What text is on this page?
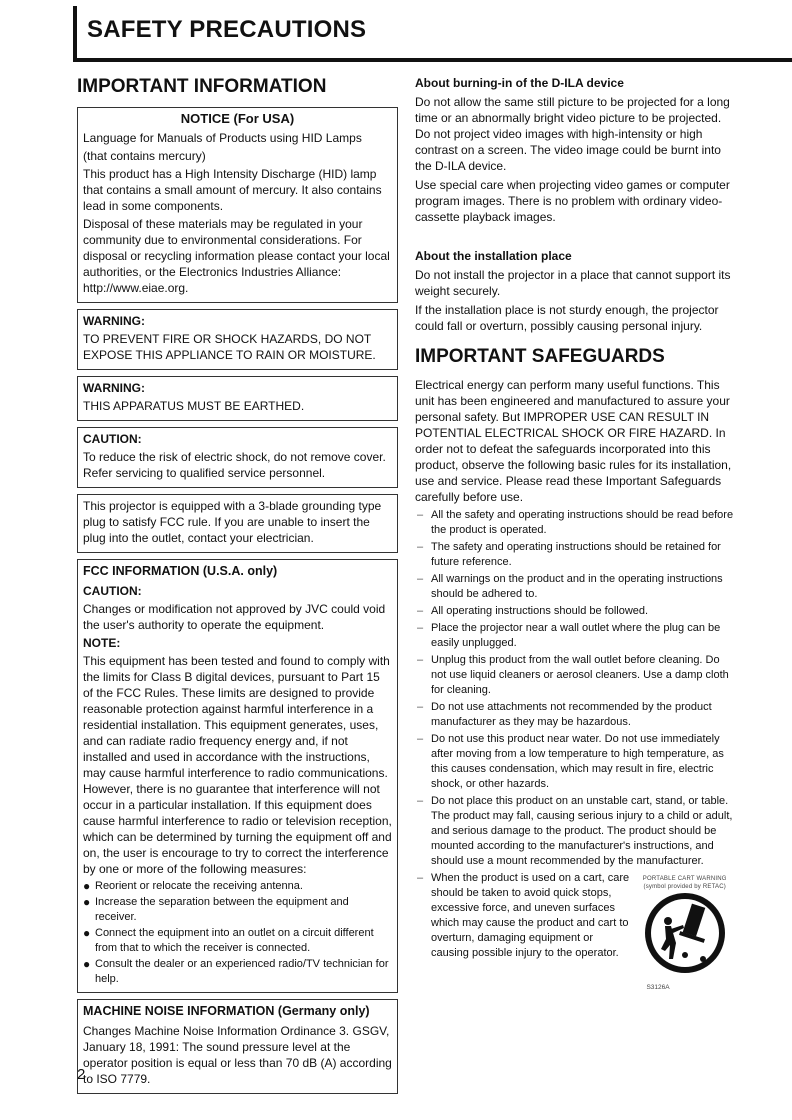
SAFETY PRECAUTIONS
IMPORTANT INFORMATION
NOTICE (For USA)

Language for Manuals of Products using HID Lamps

(that contains mercury)

This product has a High Intensity Discharge (HID) lamp that contains a small amount of mercury. It also contains lead in some components.

Disposal of these materials may be regulated in your community due to environmental considerations. For disposal or recycling information please contact your local authorities, or the Electronics Industries Alliance: http://www.eiae.org.

WARNING:

TO PREVENT FIRE OR SHOCK HAZARDS, DO NOT EXPOSE THIS APPLIANCE TO RAIN OR MOISTURE.

WARNING:

THIS APPARATUS MUST BE EARTHED.

CAUTION:

To reduce the risk of electric shock, do not remove cover. Refer servicing to qualified service personnel.

This projector is equipped with a 3-blade grounding type plug to satisfy FCC rule. If you are unable to insert the plug into the outlet, contact your electrician.

FCC INFORMATION (U.S.A. only)
CAUTION:

Changes or modification not approved by JVC could void the user's authority to operate the equipment.

NOTE:

This equipment has been tested and found to comply with the limits for Class B digital devices, pursuant to Part 15 of the FCC Rules. These limits are designed to provide reasonable protection against harmful interference in a residential installation. This equipment generates, uses, and can radiate radio frequency energy and, if not installed and used in accordance with the instructions, may cause harmful interference to radio communications. However, there is no guarantee that interference will not occur in a particular installation. If this equipment does cause harmful interference to radio or television reception, which can be determined by turning the equipment off and on, the user is encourage to try to correct the interference by one or more of the following measures:

● Reorient or relocate the receiving antenna.
● Increase the separation between the equipment and receiver.
● Connect the equipment into an outlet on a circuit different from that to which the receiver is connected.
● Consult the dealer or an experienced radio/TV technician for help.
MACHINE NOISE INFORMATION (Germany only)

Changes Machine Noise Information Ordinance 3. GSGV, January 18, 1991: The sound pressure level at the operator position is equal or less than 70 dB (A) according to ISO 7779.

About burning-in of the D-ILA device

Do not allow the same still picture to be projected for a long time or an abnormally bright video picture to be projected. Do not project video images with high-intensity or high contrast on a screen. The video image could be burnt into the D-ILA device.

Use special care when projecting video games or computer program images. There is no problem with ordinary video-cassette playback images.

About the installation place

Do not install the projector in a place that cannot support its weight securely.

If the installation place is not sturdy enough, the projector could fall or overturn, possibly causing personal injury.

IMPORTANT SAFEGUARDS

Electrical energy can perform many useful functions. This unit has been engineered and manufactured to assure your personal safety. But IMPROPER USE CAN RESULT IN POTENTIAL ELECTRICAL SHOCK OR FIRE HAZARD. In order not to defeat the safeguards incorporated into this product, observe the following basic rules for its installation, use and service. Please read these Important Safeguards carefully before use.

– All the safety and operating instructions should be read before the product is operated.
– The safety and operating instructions should be retained for future reference.
– All warnings on the product and in the operating instructions should be adhered to.
– All operating instructions should be followed.
– Place the projector near a wall outlet where the plug can be easily unplugged.
– Unplug this product from the wall outlet before cleaning. Do not use liquid cleaners or aerosol cleaners. Use a damp cloth for cleaning.
– Do not use attachments not recommended by the product manufacturer as they may be hazardous.
– Do not use this product near water. Do not use immediately after moving from a low temperature to high temperature, as this causes condensation, which may result in fire, electric shock, or other hazards.
– Do not place this product on an unstable cart, stand, or table. The product may fall, causing serious injury to a child or adult, and serious damage to the product. The product should be mounted according to the manufacturer's instructions, and should use a mount recommended by the manufacturer.
– When the product is used on a cart, care should be taken to avoid quick stops, excessive force, and uneven surfaces which may cause the product and cart to overturn, damaging equipment or causing possible injury to the operator.
PORTABLE CART WARNING
(symbol provided by RETAC)
S3126A
2
